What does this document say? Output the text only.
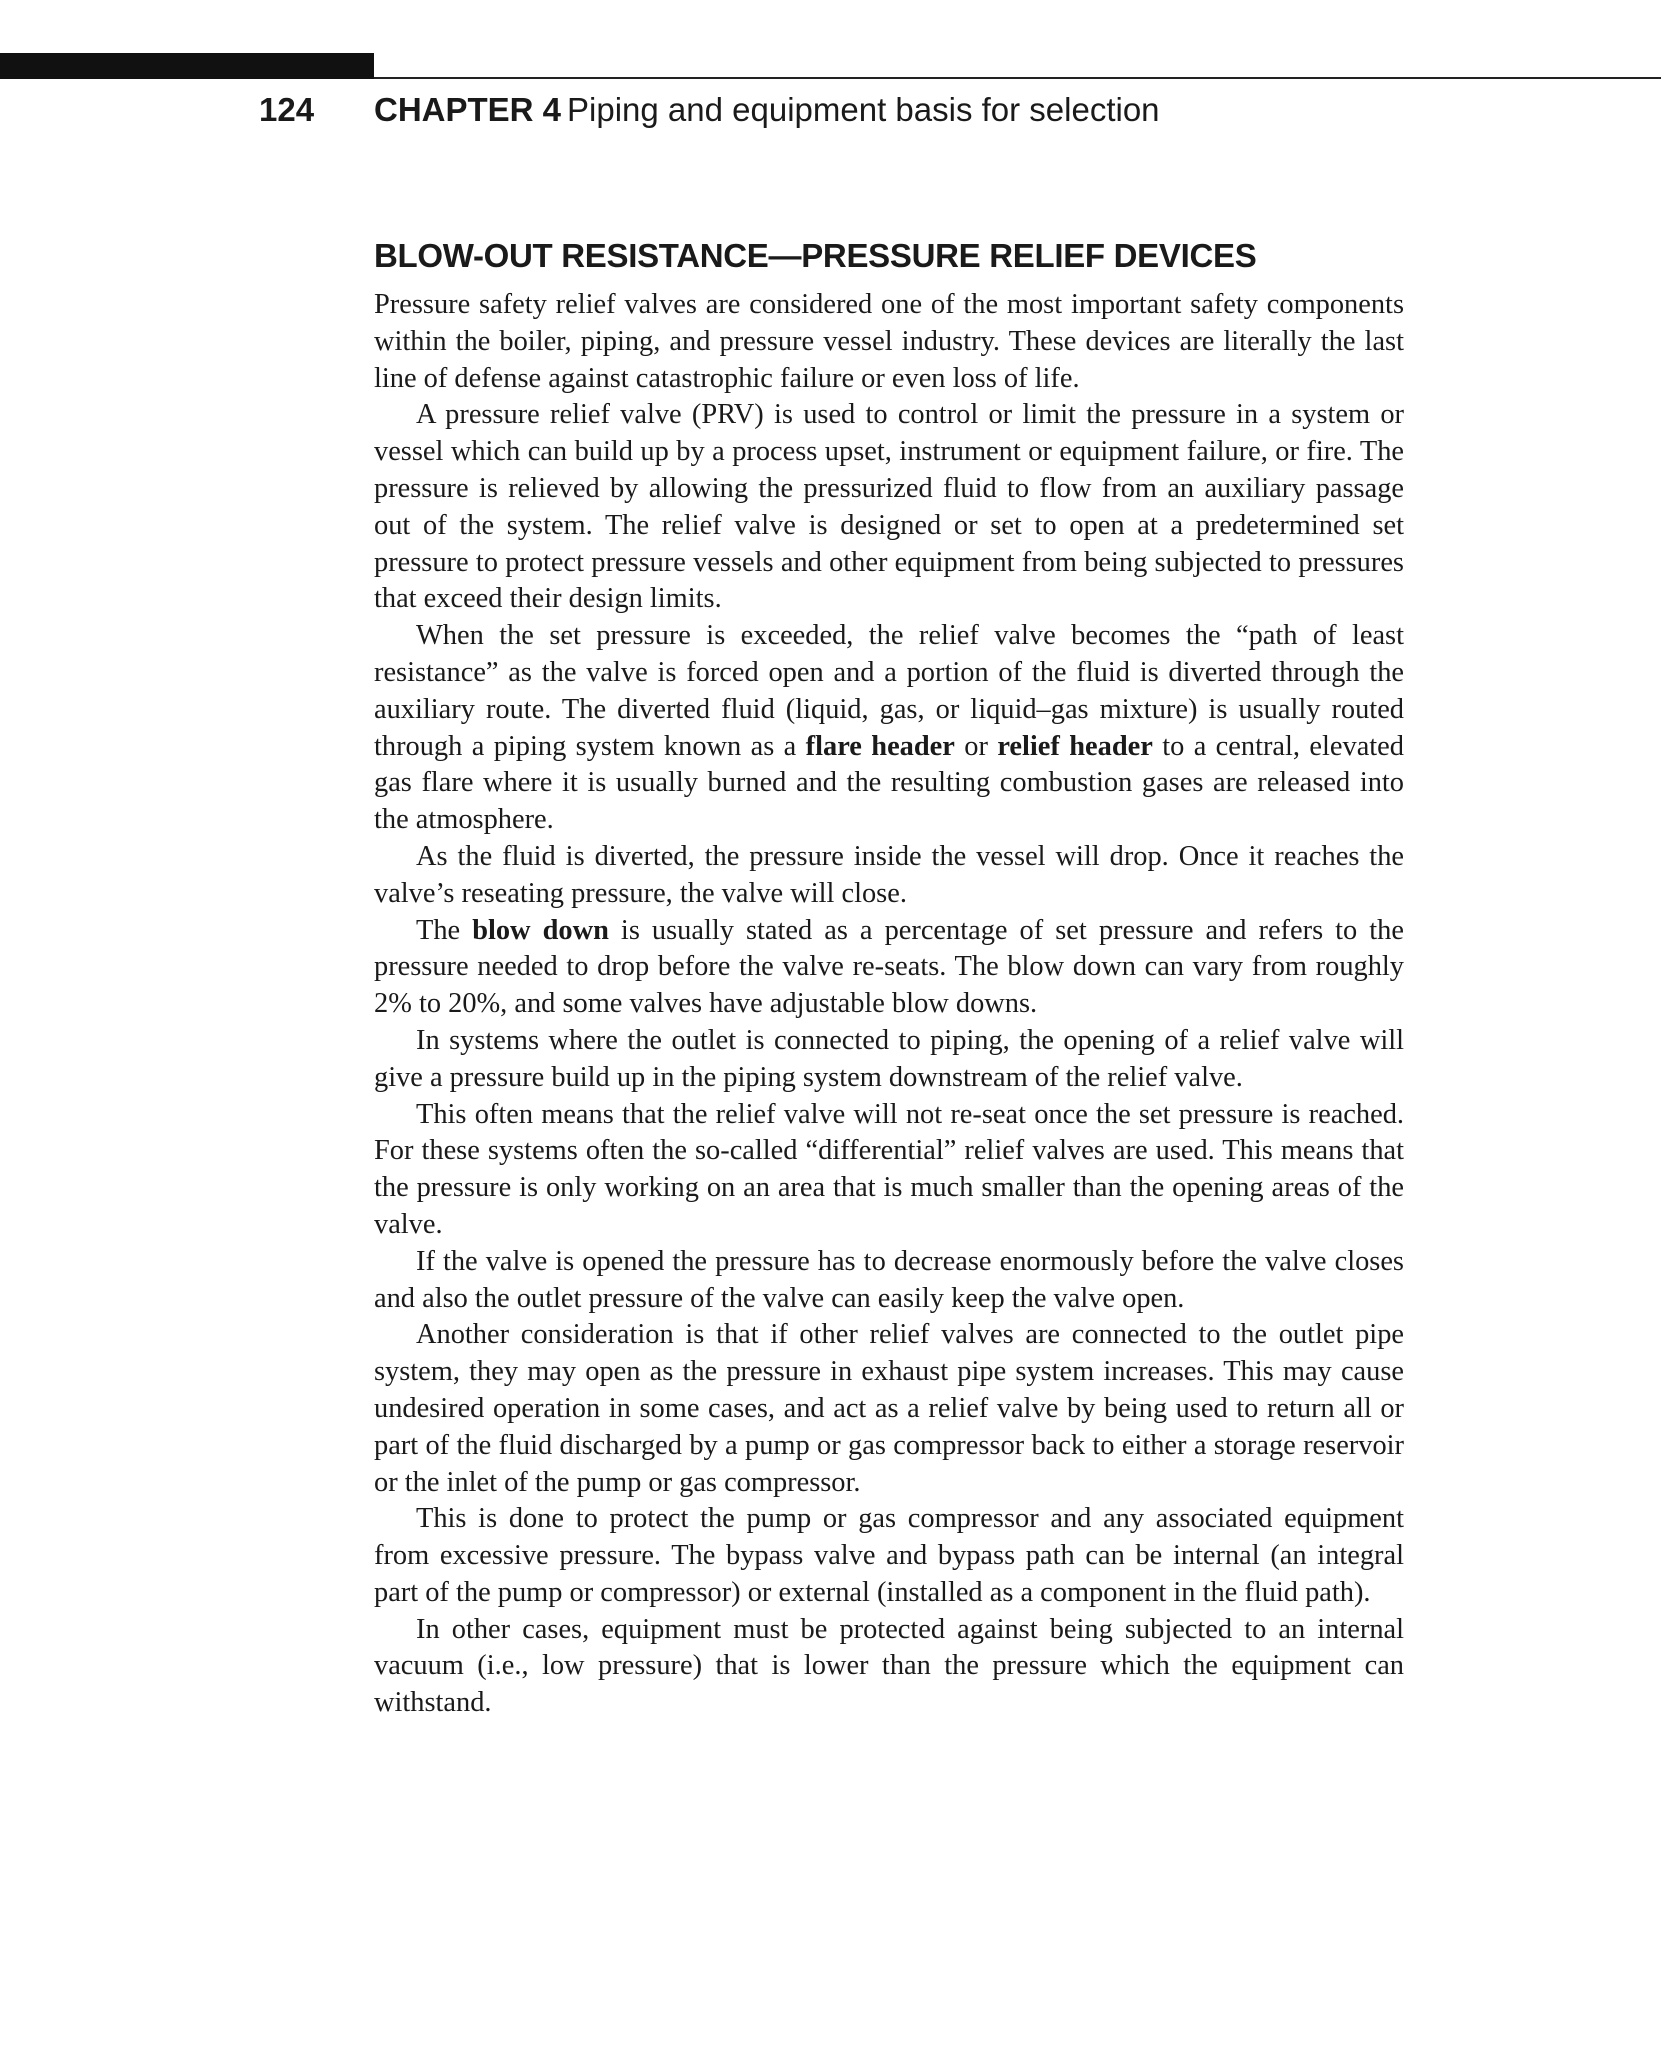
124 CHAPTER 4 Piping and equipment basis for selection
BLOW-OUT RESISTANCE—PRESSURE RELIEF DEVICES

Pressure safety relief valves are considered one of the most important safety components within the boiler, piping, and pressure vessel industry. These devices are literally the last line of defense against catastrophic failure or even loss of life.

A pressure relief valve (PRV) is used to control or limit the pressure in a system or vessel which can build up by a process upset, instrument or equipment failure, or fire. The pressure is relieved by allowing the pressurized fluid to flow from an auxiliary passage out of the system. The relief valve is designed or set to open at a predetermined set pressure to protect pressure vessels and other equipment from being subjected to pressures that exceed their design limits.

When the set pressure is exceeded, the relief valve becomes the “path of least resistance” as the valve is forced open and a portion of the fluid is diverted through the auxiliary route. The diverted fluid (liquid, gas, or liquid–gas mixture) is usually routed through a piping system known as a flare header or relief header to a central, elevated gas flare where it is usually burned and the resulting combustion gases are released into the atmosphere.

As the fluid is diverted, the pressure inside the vessel will drop. Once it reaches the valve’s reseating pressure, the valve will close.

The blow down is usually stated as a percentage of set pressure and refers to the pressure needed to drop before the valve re-seats. The blow down can vary from roughly 2% to 20%, and some valves have adjustable blow downs.

In systems where the outlet is connected to piping, the opening of a relief valve will give a pressure build up in the piping system downstream of the relief valve.

This often means that the relief valve will not re-seat once the set pressure is reached. For these systems often the so-called “differential” relief valves are used. This means that the pressure is only working on an area that is much smaller than the opening areas of the valve.

If the valve is opened the pressure has to decrease enormously before the valve closes and also the outlet pressure of the valve can easily keep the valve open.

Another consideration is that if other relief valves are connected to the outlet pipe system, they may open as the pressure in exhaust pipe system increases. This may cause undesired operation in some cases, and act as a relief valve by being used to return all or part of the fluid discharged by a pump or gas compressor back to either a storage reservoir or the inlet of the pump or gas compressor.

This is done to protect the pump or gas compressor and any associated equipment from excessive pressure. The bypass valve and bypass path can be internal (an integral part of the pump or compressor) or external (installed as a component in the fluid path).

In other cases, equipment must be protected against being subjected to an internal vacuum (i.e., low pressure) that is lower than the pressure which the equipment can withstand.
